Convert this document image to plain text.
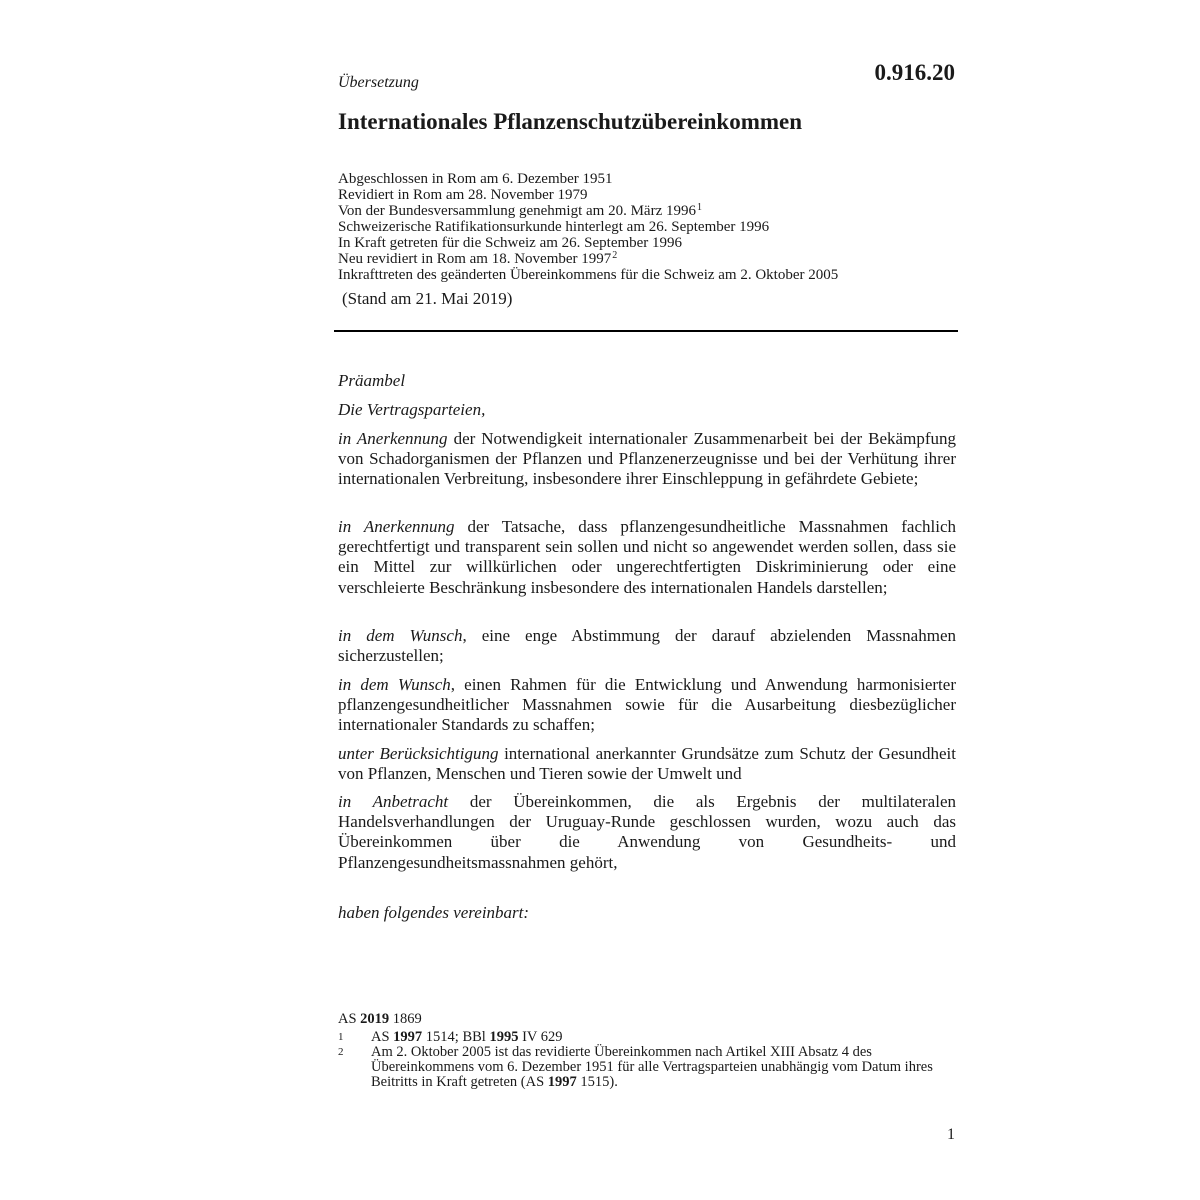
Übersetzung	0.916.20
Internationales Pflanzenschutzübereinkommen
Abgeschlossen in Rom am 6. Dezember 1951
Revidiert in Rom am 28. November 1979
Von der Bundesversammlung genehmigt am 20. März 1996$^1$
Schweizerische Ratifikationsurkunde hinterlegt am 26. September 1996
In Kraft getreten für die Schweiz am 26. September 1996
Neu revidiert in Rom am 18. November 1997$^2$
Inkrafttreten des geänderten Übereinkommens für die Schweiz am 2. Oktober 2005
(Stand am 21. Mai 2019)

Präambel

Die Vertragsparteien,

in Anerkennung der Notwendigkeit internationaler Zusammenarbeit bei der Bekämpfung von Schadorganismen der Pflanzen und Pflanzenerzeugnisse und bei der Verhütung ihrer internationalen Verbreitung, insbesondere ihrer Einschleppung in gefährdete Gebiete;

in Anerkennung der Tatsache, dass pflanzengesundheitliche Massnahmen fachlich gerechtfertigt und transparent sein sollen und nicht so angewendet werden sollen, dass sie ein Mittel zur willkürlichen oder ungerechtfertigten Diskriminierung oder eine verschleierte Beschränkung insbesondere des internationalen Handels darstellen;

in dem Wunsch, eine enge Abstimmung der darauf abzielenden Massnahmen sicherzustellen;

in dem Wunsch, einen Rahmen für die Entwicklung und Anwendung harmonisierter pflanzengesundheitlicher Massnahmen sowie für die Ausarbeitung diesbezüglicher internationaler Standards zu schaffen;

unter Berücksichtigung international anerkannter Grundsätze zum Schutz der Gesundheit von Pflanzen, Menschen und Tieren sowie der Umwelt und

in Anbetracht der Übereinkommen, die als Ergebnis der multilateralen Handelsverhandlungen der Uruguay-Runde geschlossen wurden, wozu auch das Übereinkommen über die Anwendung von Gesundheits- und Pflanzengesundheitsmassnahmen gehört,

haben folgendes vereinbart:

AS 2019 1869
1	AS 1997 1514; BBl 1995 IV 629
2	Am 2. Oktober 2005 ist das revidierte Übereinkommen nach Artikel XIII Absatz 4 des Übereinkommens vom 6. Dezember 1951 für alle Vertragsparteien unabhängig vom Datum ihres Beitritts in Kraft getreten (AS 1997 1515).
1
